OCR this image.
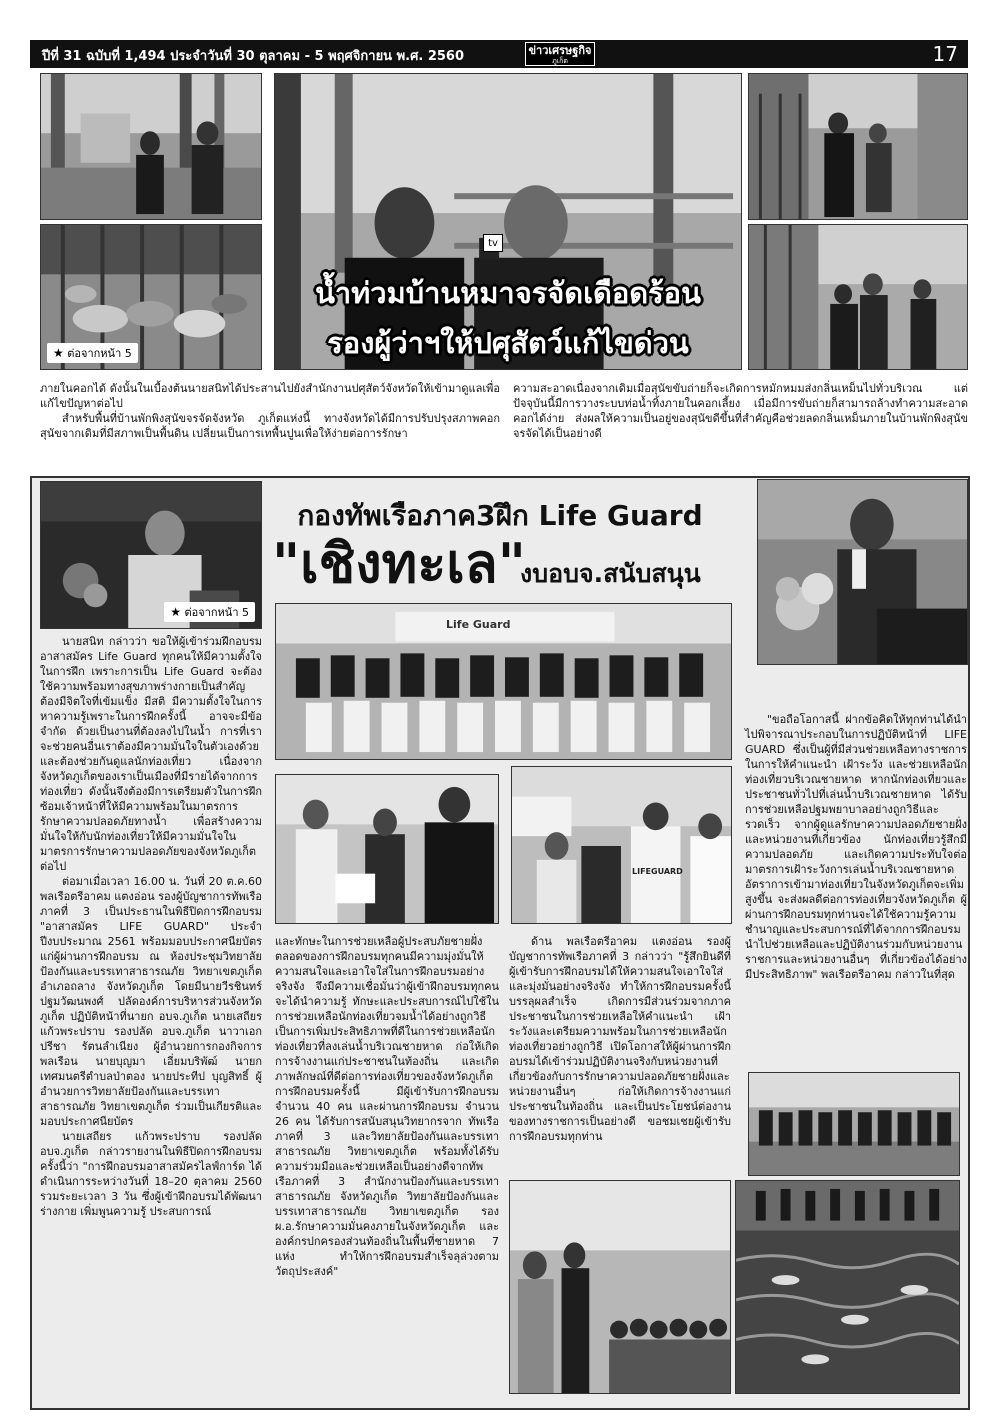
ปีที่ 31 ฉบับที่ 1,494 ประจำวันที่ 30 ตุลาคม - 5 พฤศจิกายน พ.ศ. 2560	ข่าวเศรษฐกิจ
ภูเก็ต	17
★ ต่อจากหน้า 5
tv
น้ำท่วมบ้านหมาจรจัดเดือดร้อน
รองผู้ว่าฯให้ปศุสัตว์แก้ไขด่วน

ภายในคอกได้ ดังนั้นในเบื้องต้นนายสนิทได้ประสานไปยังสำนักงานปศุสัตว์จังหวัดให้เข้ามาดูแลเพื่อแก้ไขปัญหาต่อไป

สำหรับพื้นที่บ้านพักพิงสุนัขจรจัดจังหวัด ภูเก็ตแห่งนี้ ทางจังหวัดได้มีการปรับปรุงสภาพคอกสุนัขจากเดิมที่มีสภาพเป็นพื้นดิน เปลี่ยนเป็นการเทพื้นปูนเพื่อให้ง่ายต่อการรักษา

ความสะอาดเนื่องจากเดิมเมื่อสุนัขขับถ่ายก็จะเกิดการหมักหมมส่งกลิ่นเหม็นไปทั่วบริเวณ แต่ปัจจุบันนี้มีการวางระบบท่อน้ำทิ้งภายในคอกเลี้ยง เมื่อมีการขับถ่ายก็สามารถล้างทำความสะอาดคอกได้ง่าย ส่งผลให้ความเป็นอยู่ของสุนัขดีขึ้นที่สำคัญคือช่วยลดกลิ่นเหม็นภายในบ้านพักพิงสุนัขจรจัดได้เป็นอย่างดี

กองทัพเรือภาค3ฝึก Life Guard
"เชิงทะเล"
งบอบจ.สนับสนุน
★ ต่อจากหน้า 5
Life Guard
LIFEGUARD

นายสนิท กล่าวว่า ขอให้ผู้เข้าร่วมฝึกอบรมอาสาสมัคร Life Guard ทุกคนให้มีความตั้งใจในการฝึก เพราะการเป็น Life Guard จะต้องใช้ความพร้อมทางสุขภาพร่างกายเป็นสำคัญ ต้องมีจิตใจที่เข้มแข็ง มีสติ มีความตั้งใจในการหาความรู้เพราะในการฝึกครั้งนี้ อาจจะมีข้อจำกัด ด้วยเป็นงานที่ต้องลงไปในน้ำ การที่เราจะช่วยคนอื่นเราต้องมีความมั่นใจในตัวเองด้วย และต้องช่วยกันดูแลนักท่องเที่ยว เนื่องจากจังหวัดภูเก็ตของเราเป็นเมืองที่มีรายได้จากการท่องเที่ยว ดังนั้นจึงต้องมีการเตรียมตัวในการฝึกซ้อมเจ้าหน้าที่ให้มีความพร้อมในมาตรการรักษาความปลอดภัยทางน้ำ เพื่อสร้างความมั่นใจให้กับนักท่องเที่ยวให้มีความมั่นใจในมาตรการรักษาความปลอดภัยของจังหวัดภูเก็ตต่อไป

ต่อมาเมื่อเวลา 16.00 น. วันที่ 20 ต.ค.60 พลเรือตรีอาคม แตงอ่อน รองผู้บัญชาการทัพเรือภาคที่ 3 เป็นประธานในพิธีปิดการฝึกอบรม "อาสาสมัคร LIFE GUARD" ประจำปีงบประมาณ 2561 พร้อมมอบประกาศนียบัตรแก่ผู้ผ่านการฝึกอบรม ณ ห้องประชุมวิทยาลัยป้องกันและบรรเทาสาธารณภัย วิทยาเขตภูเก็ต อำเภอถลาง จังหวัดภูเก็ต โดยมีนายวีรชินทร์ ปฐมวัฒนพงศ์ ปลัดองค์การบริหารส่วนจังหวัดภูเก็ต ปฏิบัติหน้าที่นายก อบจ.ภูเก็ต นายเสถียร แก้วพระปราบ รองปลัด อบจ.ภูเก็ต นาวาเอกปรีชา รัตนลำเนียง ผู้อำนวยการกองกิจการพลเรือน นายบุญมา เอี่ยมบริพัฒ์ นายกเทศมนตรีตำบลป่าตอง นายประทีป บุญสิทธิ์ ผู้อำนวยการวิทยาลัยป้องกันและบรรเทาสาธารณภัย วิทยาเขตภูเก็ต ร่วมเป็นเกียรติและมอบประกาศนียบัตร

นายเสถียร แก้วพระปราบ รองปลัด อบจ.ภูเก็ต กล่าวรายงานในพิธีปิดการฝึกอบรมครั้งนี้ว่า "การฝึกอบรมอาสาสมัครไลฟ์การ์ด ได้ดำเนินการระหว่างวันที่ 18–20 ตุลาคม 2560 รวมระยะเวลา 3 วัน ซึ่งผู้เข้าฝึกอบรมได้พัฒนาร่างกาย เพิ่มพูนความรู้ ประสบการณ์

และทักษะในการช่วยเหลือผู้ประสบภัยชายฝั่ง ตลอดของการฝึกอบรมทุกคนมีความมุ่งมั่นให้ความสนใจและเอาใจใส่ในการฝึกอบรมอย่างจริงจัง จึงมีความเชื่อมั่นว่าผู้เข้าฝึกอบรมทุกคนจะได้นำความรู้ ทักษะและประสบการณ์ไปใช้ในการช่วยเหลือนักท่องเที่ยวจมน้ำได้อย่างถูกวิธี เป็นการเพิ่มประสิทธิภาพที่ดีในการช่วยเหลือนักท่องเที่ยวที่ลงเล่นน้ำบริเวณชายหาด ก่อให้เกิดการจ้างงานแก่ประชาชนในท้องถิ่น และเกิดภาพลักษณ์ที่ดีต่อการท่องเที่ยวของจังหวัดภูเก็ต การฝึกอบรมครั้งนี้ มีผู้เข้ารับการฝึกอบรม จำนวน 40 คน และผ่านการฝึกอบรม จำนวน 26 คน ได้รับการสนับสนุนวิทยากรจาก ทัพเรือภาคที่ 3 และวิทยาลัยป้องกันและบรรเทาสาธารณภัย วิทยาเขตภูเก็ต พร้อมทั้งได้รับความร่วมมือและช่วยเหลือเป็นอย่างดีจากทัพเรือภาคที่ 3 สำนักงานป้องกันและบรรเทาสาธารณภัย จังหวัดภูเก็ต วิทยาลัยป้องกันและบรรเทาสาธารณภัย วิทยาเขตภูเก็ต รอง ผ.อ.รักษาความมั่นคงภายในจังหวัดภูเก็ต และองค์กรปกครองส่วนท้องถิ่นในพื้นที่ชายหาด 7 แห่ง ทำให้การฝึกอบรมสำเร็จลุล่วงตามวัตถุประสงค์"

ด้าน พลเรือตรีอาคม แตงอ่อน รองผู้บัญชาการทัพเรือภาคที่ 3 กล่าวว่า "รู้สึกยินดีที่ผู้เข้ารับการฝึกอบรมได้ให้ความสนใจเอาใจใส่และมุ่งมั่นอย่างจริงจัง ทำให้การฝึกอบรมครั้งนี้บรรลุผลสำเร็จ เกิดการมีส่วนร่วมจากภาคประชาชนในการช่วยเหลือให้คำแนะนำ เฝ้าระวังและเตรียมความพร้อมในการช่วยเหลือนักท่องเที่ยวอย่างถูกวิธี เปิดโอกาสให้ผู้ผ่านการฝึกอบรมได้เข้าร่วมปฏิบัติงานจริงกับหน่วยงานที่เกี่ยวข้องกับการรักษาความปลอดภัยชายฝั่งและหน่วยงานอื่นๆ ก่อให้เกิดการจ้างงานแก่ประชาชนในท้องถิ่น และเป็นประโยชน์ต่องานของทางราชการเป็นอย่างดี ขอชมเชยผู้เข้ารับการฝึกอบรมทุกท่าน

"ขอถือโอกาสนี้ ฝากข้อคิดให้ทุกท่านได้นำไปพิจารณาประกอบในการปฏิบัติหน้าที่ LIFE GUARD ซึ่งเป็นผู้ที่มีส่วนช่วยเหลือทางราชการในการให้คำแนะนำ เฝ้าระวัง และช่วยเหลือนักท่องเที่ยวบริเวณชายหาด หากนักท่องเที่ยวและประชาชนทั่วไปที่เล่นน้ำบริเวณชายหาด ได้รับการช่วยเหลือปฐมพยาบาลอย่างถูกวิธีและรวดเร็ว จากผู้ดูแลรักษาความปลอดภัยชายฝั่งและหน่วยงานที่เกี่ยวข้อง นักท่องเที่ยวรู้สึกมีความปลอดภัย และเกิดความประทับใจต่อมาตรการเฝ้าระวังการเล่นน้ำบริเวณชายหาด อัตราการเข้ามาท่องเที่ยวในจังหวัดภูเก็ตจะเพิ่มสูงขึ้น จะส่งผลดีต่อการท่องเที่ยวจังหวัดภูเก็ต ผู้ผ่านการฝึกอบรมทุกท่านจะได้ใช้ความรู้ความชำนาญและประสบการณ์ที่ได้จากการฝึกอบรม นำไปช่วยเหลือและปฏิบัติงานร่วมกับหน่วยงานราชการและหน่วยงานอื่นๆ ที่เกี่ยวข้องได้อย่างมีประสิทธิภาพ" พลเรือตรีอาคม กล่าวในที่สุด
